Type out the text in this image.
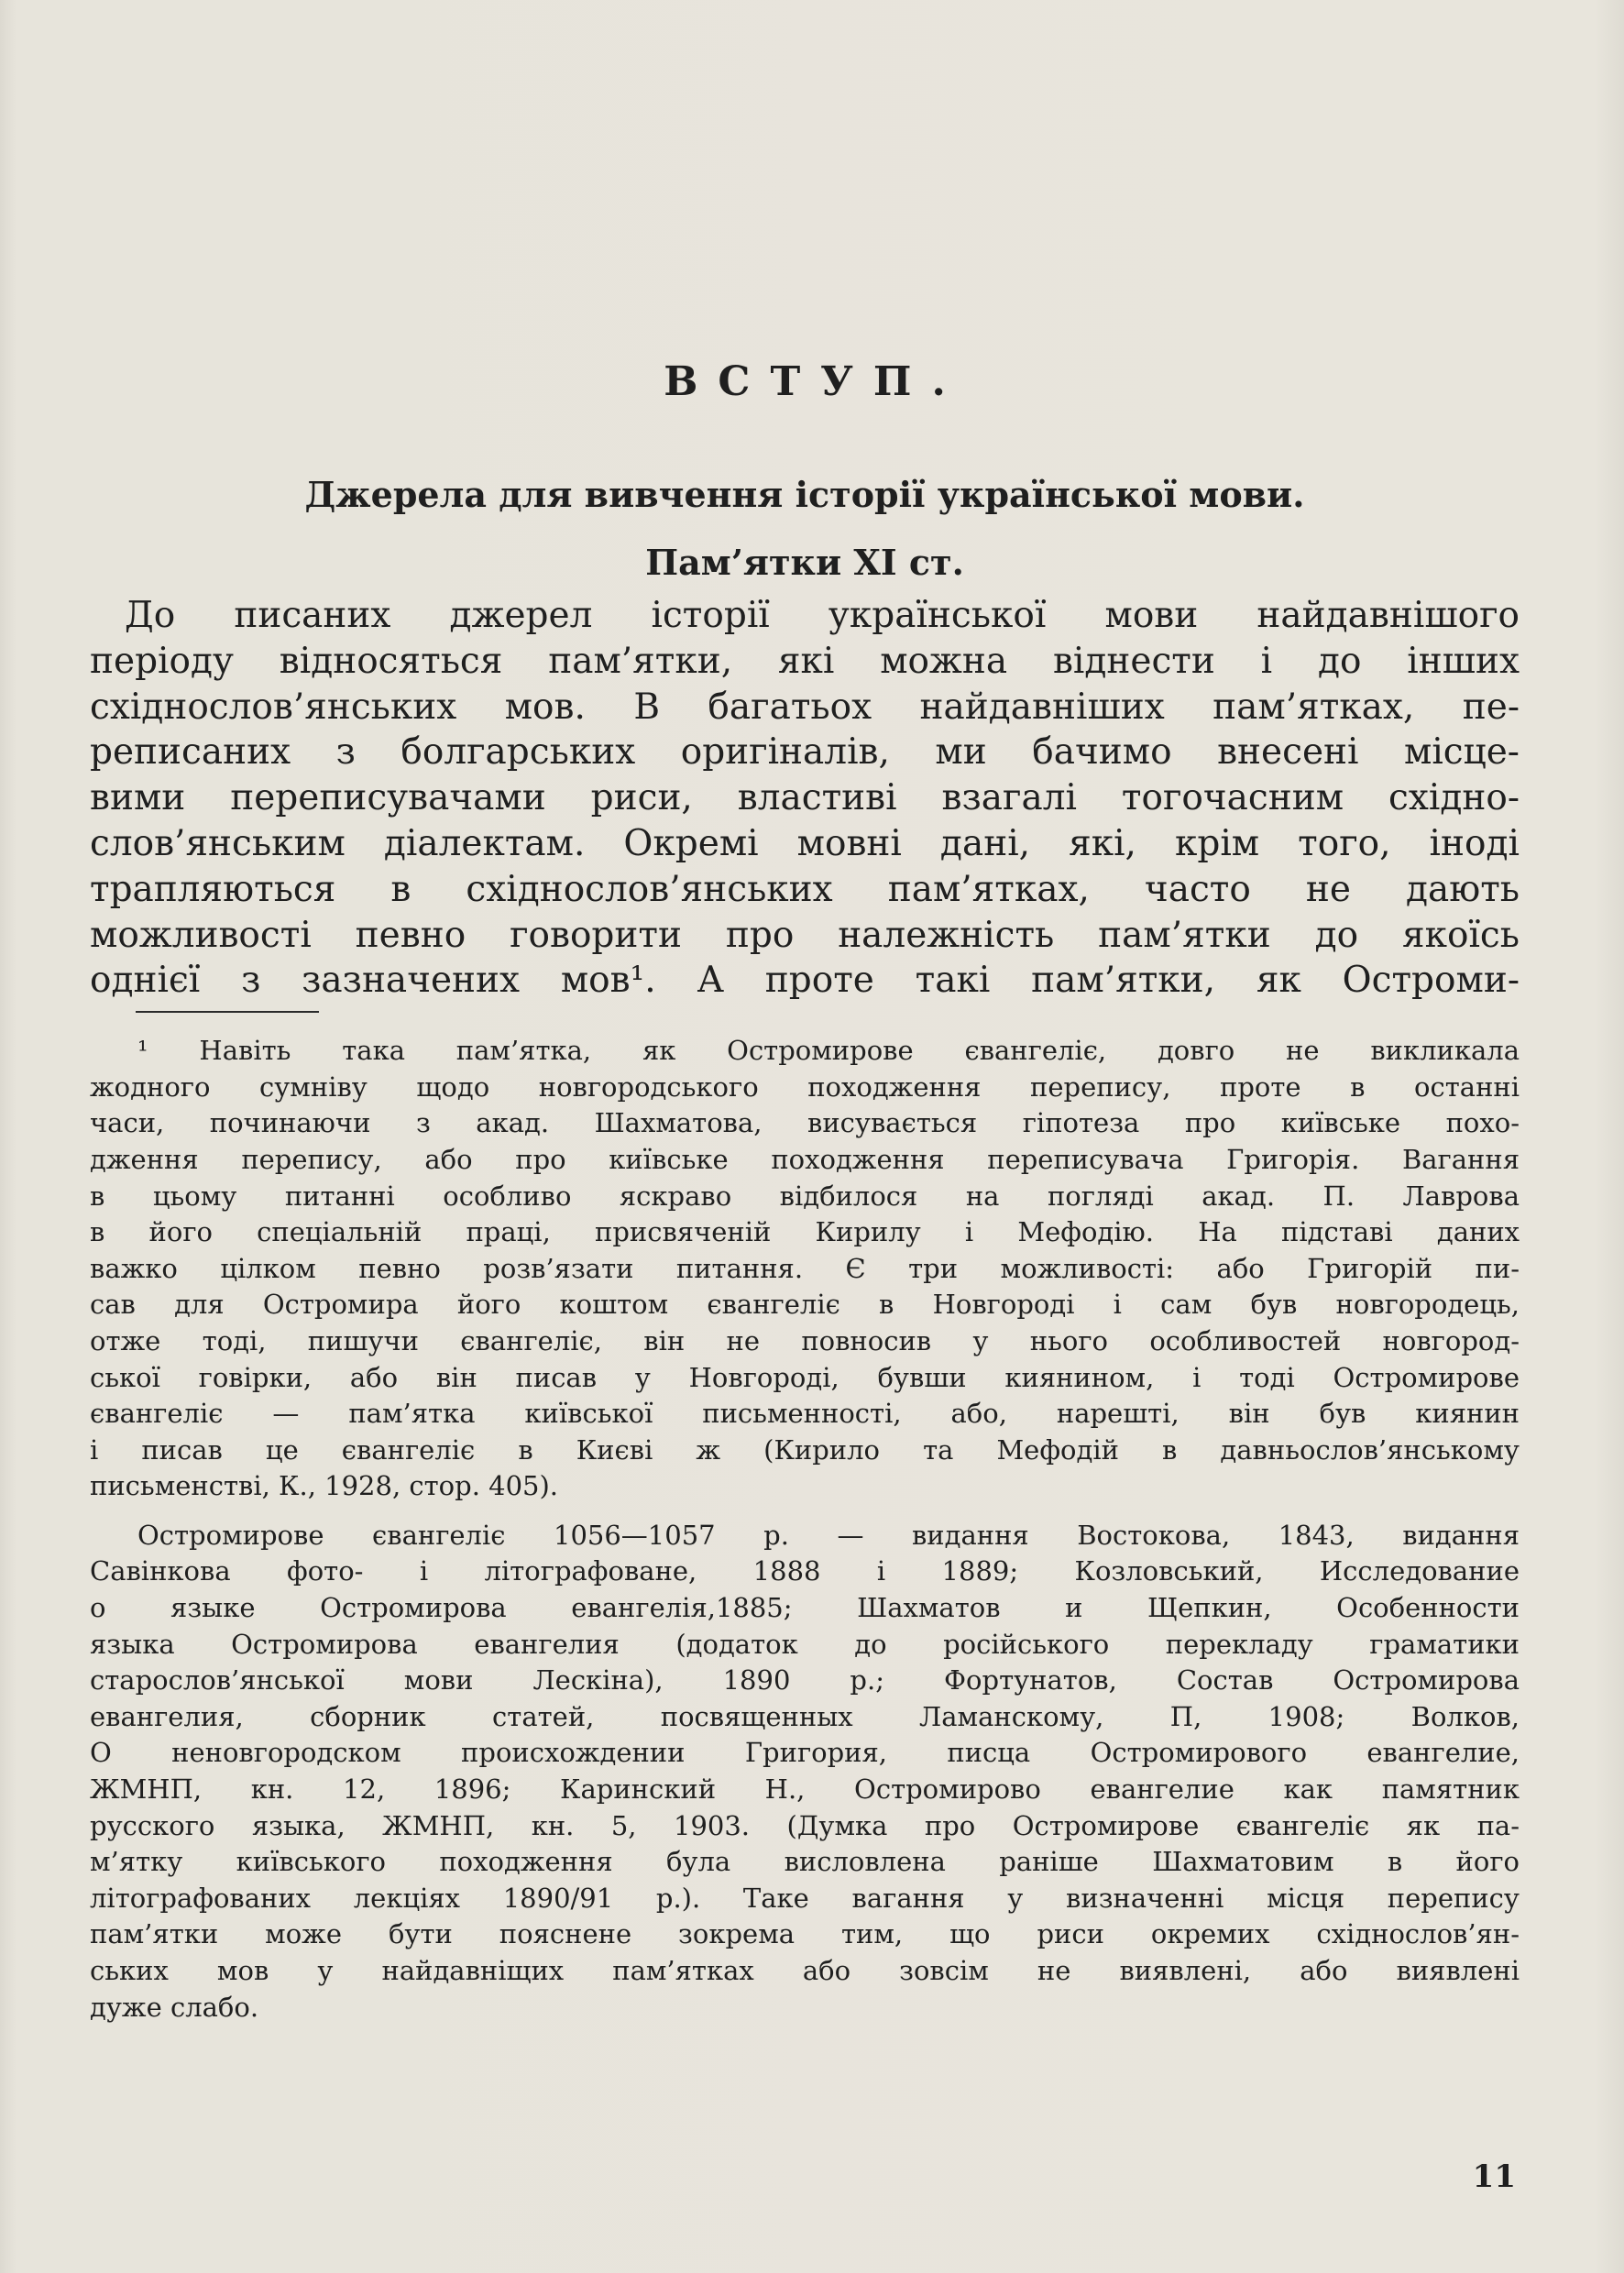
ВСТУП.
Джерела для вивчення історії української мови.
Пам’ятки XI ст.
До писаних джерел історії української мови найдавнішого
періоду відносяться пам’ятки, які можна віднести і до інших
східнослов’янських мов. В багатьох найдавніших пам’ятках, пе-
реписаних з болгарських оригіналів, ми бачимо внесені місце-
вими переписувачами риси, властиві взагалі тогочасним східно-
слов’янським діалектам. Окремі мовні дані, які, крім того, іноді
трапляються в східнослов’янських пам’ятках, часто не дають
можливості певно говорити про належність пам’ятки до якоїсь
однієї з зазначених мов¹. А проте такі пам’ятки, як Остроми-
¹ Навіть така пам’ятка, як Остромирове євангеліє, довго не викликала
жодного сумніву щодо новгородського походження перепису, проте в останні
часи, починаючи з акад. Шахматова, висувається гіпотеза про київське похо-
дження перепису, або про київське походження переписувача Григорія. Вагання
в цьому питанні особливо яскраво відбилося на погляді акад. П. Лаврова
в його спеціальній праці, присвяченій Кирилу і Мефодію. На підставі даних
важко цілком певно розв’язати питання. Є три можливості: або Григорій пи-
сав для Остромира його коштом євангеліє в Новгороді і сам був новгородець,
отже тоді, пишучи євангеліє, він не повносив у нього особливостей новгород-
ської говірки, або він писав у Новгороді, бувши киянином, і тоді Остромирове
євангеліє — пам’ятка київської письменності, або, нарешті, він був киянин
і писав це євангеліє в Києві ж (Кирило та Мефодій в давньослов’янському
письменстві, К., 1928, стор. 405).
Остромирове євангеліє 1056—1057 р. — видання Востокова, 1843, видання
Савінкова фото- і літографоване, 1888 і 1889; Козловський, Исследование
о языке Остромирова евангелія,1885; Шахматов и Щепкин, Особенности
языка Остромирова евангелия (додаток до російського перекладу граматики
старослов’янської мови Лескіна), 1890 р.; Фортунатов, Состав Остромирова
евангелия, сборник статей, посвященных Ламанскому, П, 1908; Волков,
О неновгородском происхождении Григория, писца Остромирового евангелие,
ЖМНП, кн. 12, 1896; Каринский Н., Остромирово евангелие как памятник
русского языка, ЖМНП, кн. 5, 1903. (Думка про Остромирове євангеліє як па-
м’ятку київського походження була висловлена раніше Шахматовим в його
літографованих лекціях 1890/91 р.). Таке вагання у визначенні місця перепису
пам’ятки може бути пояснене зокрема тим, що риси окремих східнослов’ян-
ських мов у найдавніщих пам’ятках або зовсім не виявлені, або виявлені
дуже слабо.
11
